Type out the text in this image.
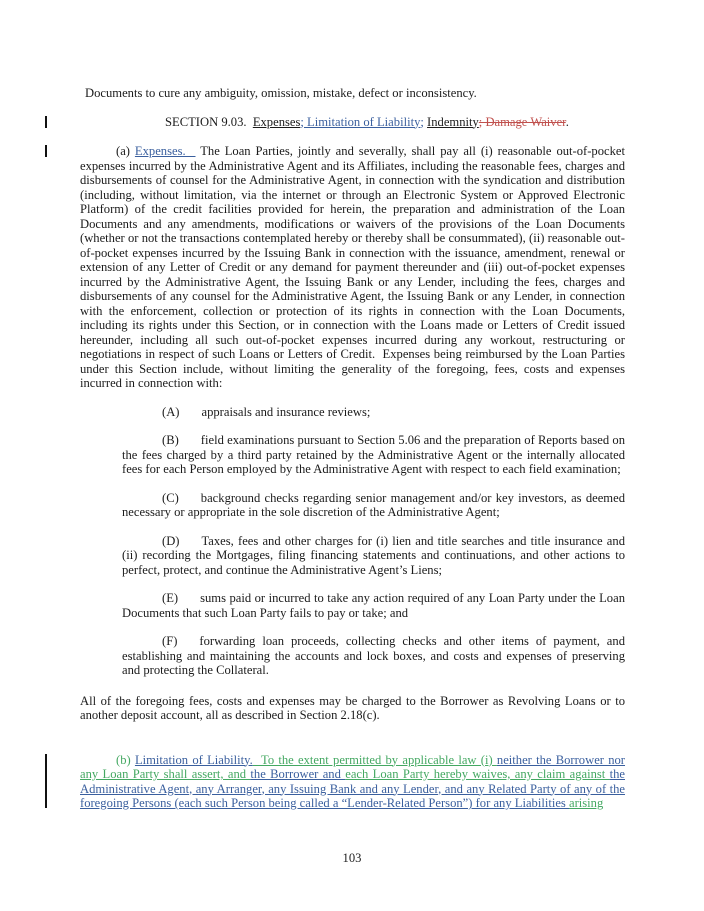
Documents to cure any ambiguity, omission, mistake, defect or inconsistency.

SECTION 9.03.  Expenses; Limitation of Liability; Indemnity; Damage Waiver.

(a) Expenses.   The Loan Parties, jointly and severally, shall pay all (i) reasonable out-of-pocket expenses incurred by the Administrative Agent and its Affiliates, including the reasonable fees, charges and disbursements of counsel for the Administrative Agent, in connection with the syndication and distribution (including, without limitation, via the internet or through an Electronic System or Approved Electronic Platform) of the credit facilities provided for herein, the preparation and administration of the Loan Documents and any amendments, modifications or waivers of the provisions of the Loan Documents (whether or not the transactions contemplated hereby or thereby shall be consummated), (ii) reasonable out-of-pocket expenses incurred by the Issuing Bank in connection with the issuance, amendment, renewal or extension of any Letter of Credit or any demand for payment thereunder and (iii) out-of-pocket expenses incurred by the Administrative Agent, the Issuing Bank or any Lender, including the fees, charges and disbursements of any counsel for the Administrative Agent, the Issuing Bank or any Lender, in connection with the enforcement, collection or protection of its rights in connection with the Loan Documents, including its rights under this Section, or in connection with the Loans made or Letters of Credit issued hereunder, including all such out-of-pocket expenses incurred during any workout, restructuring or negotiations in respect of such Loans or Letters of Credit.  Expenses being reimbursed by the Loan Parties under this Section include, without limiting the generality of the foregoing, fees, costs and expenses incurred in connection with:

(A) appraisals and insurance reviews;

(B) field examinations pursuant to Section 5.06 and the preparation of Reports based on the fees charged by a third party retained by the Administrative Agent or the internally allocated fees for each Person employed by the Administrative Agent with respect to each field examination;

(C) background checks regarding senior management and/or key investors, as deemed necessary or appropriate in the sole discretion of the Administrative Agent;

(D) Taxes, fees and other charges for (i) lien and title searches and title insurance and (ii) recording the Mortgages, filing financing statements and continuations, and other actions to perfect, protect, and continue the Administrative Agent’s Liens;

(E) sums paid or incurred to take any action required of any Loan Party under the Loan Documents that such Loan Party fails to pay or take; and

(F) forwarding loan proceeds, collecting checks and other items of payment, and establishing and maintaining the accounts and lock boxes, and costs and expenses of preserving and protecting the Collateral.

All of the foregoing fees, costs and expenses may be charged to the Borrower as Revolving Loans or to another deposit account, all as described in Section 2.18(c).

(b) Limitation of Liability.  To the extent permitted by applicable law (i) neither the Borrower nor any Loan Party shall assert, and the Borrower and each Loan Party hereby waives, any claim against the Administrative Agent, any Arranger, any Issuing Bank and any Lender, and any Related Party of any of the foregoing Persons (each such Person being called a “Lender-Related Person”) for any Liabilities arising

103
